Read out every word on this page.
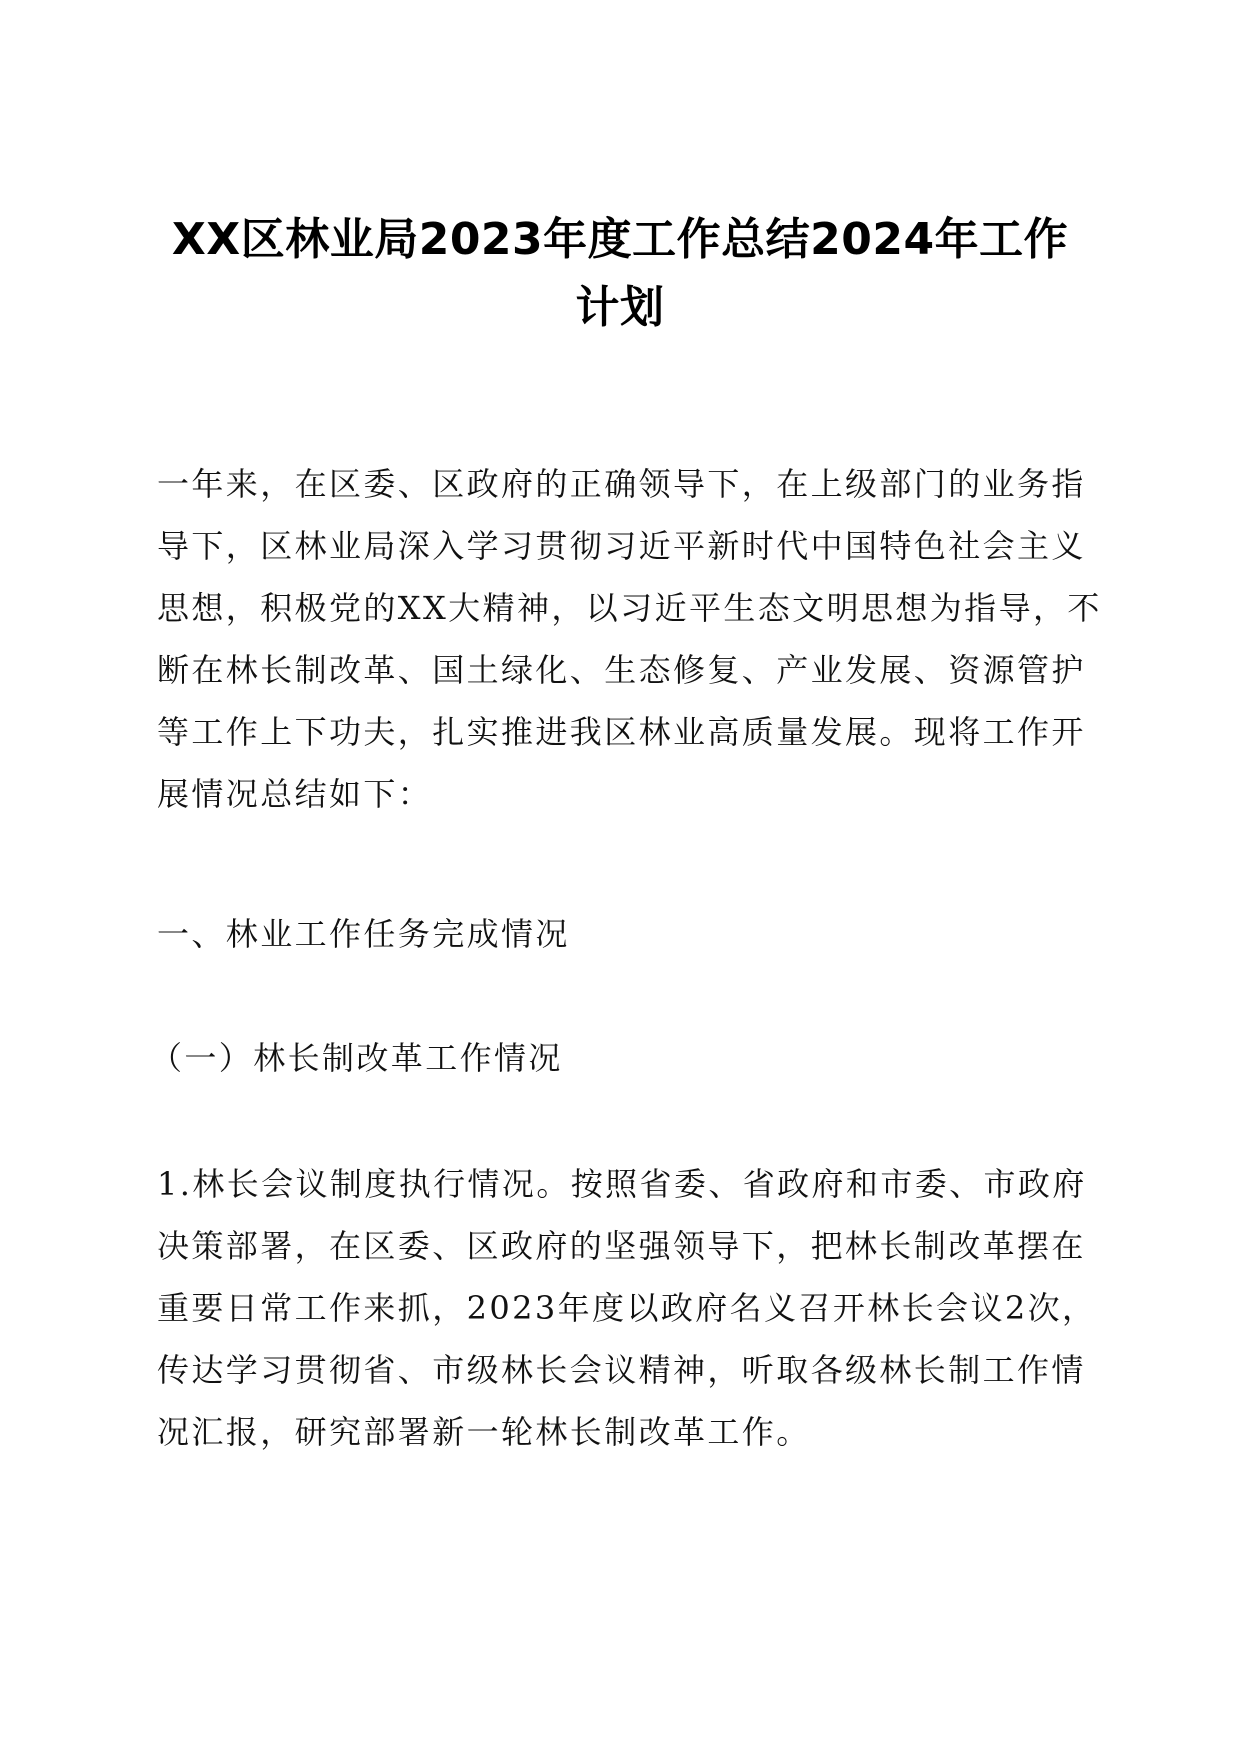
XX区林业局2023年度工作总结2024年工作
计划

一年来，在区委、区政府的正确领导下，在上级部门的业务指
导下，区林业局深入学习贯彻习近平新时代中国特色社会主义
思想，积极党的XX大精神，以习近平生态文明思想为指导，不
断在林长制改革、国土绿化、生态修复、产业发展、资源管护
等工作上下功夫，扎实推进我区林业高质量发展。现将工作开
展情况总结如下：

一、林业工作任务完成情况

（一）林长制改革工作情况

1.林长会议制度执行情况。按照省委、省政府和市委、市政府
决策部署，在区委、区政府的坚强领导下，把林长制改革摆在
重要日常工作来抓，2023年度以政府名义召开林长会议2次，
传达学习贯彻省、市级林长会议精神，听取各级林长制工作情
况汇报，研究部署新一轮林长制改革工作。
